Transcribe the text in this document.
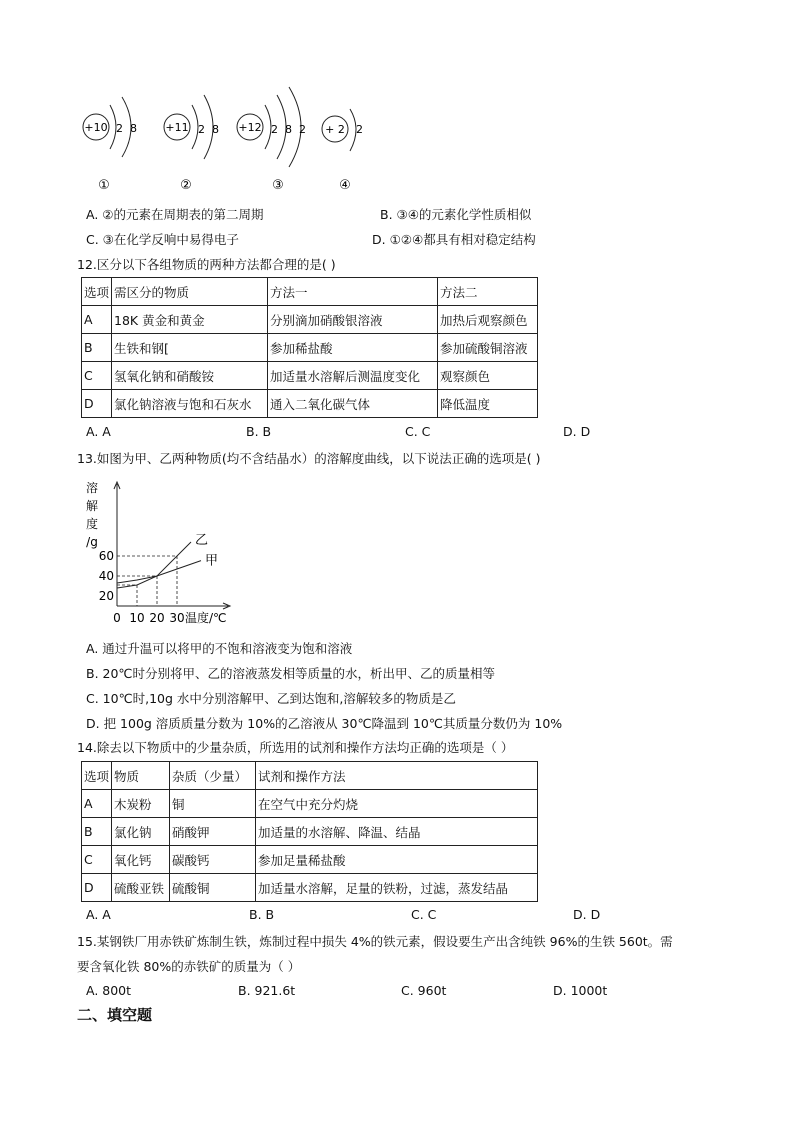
+10 2  8
①
+11 2  8
②
+12 2  8  2
③
+ 2 2
④
A. ②的元素在周期表的第二周期	B. ③④的元素化学性质相似
C. ③在化学反响中易得电子	D. ①②④都具有相对稳定结构
12.区分以下各组物质的两种方法都合理的是( )
选项	需区分的物质	方法一	方法二
A	18K 黄金和黄金	分别滴加硝酸银溶液	加热后观察颜色
B	生铁和钢[	参加稀盐酸	参加硫酸铜溶液
C	氢氧化钠和硝酸铵	加适量水溶解后测温度变化	观察颜色
D	氯化钠溶液与饱和石灰水	通入二氧化碳气体	降低温度
A. A	B. B	C. C	D. D
13.如图为甲、乙两种物质(均不含结晶水）的溶解度曲线，以下说法正确的选项是( )
溶
解
度
/g
20
40
60
0 10 20 30 温度/℃
甲
乙
A. 通过升温可以将甲的不饱和溶液变为饱和溶液
B. 20℃时分别将甲、乙的溶液蒸发相等质量的水，析出甲、乙的质量相等
C. 10℃时,10g 水中分别溶解甲、乙到达饱和,溶解较多的物质是乙
D. 把 100g 溶质质量分数为 10%的乙溶液从 30℃降温到 10℃其质量分数仍为 10%
14.除去以下物质中的少量杂质，所选用的试剂和操作方法均正确的选项是（ ）
选项	物质	杂质（少量）	试剂和操作方法
A	木炭粉	铜	在空气中充分灼烧
B	氯化钠	硝酸钾	加适量的水溶解、降温、结晶
C	氧化钙	碳酸钙	参加足量稀盐酸
D	硫酸亚铁	硫酸铜	加适量水溶解，足量的铁粉，过滤，蒸发结晶
A. A	B. B	C. C	D. D
15.某钢铁厂用赤铁矿炼制生铁，炼制过程中损失 4%的铁元素，假设要生产出含纯铁 96%的生铁 560t。需
要含氧化铁 80%的赤铁矿的质量为（ ）
A. 800t	B. 921.6t	C. 960t	D. 1000t
二、填空题
